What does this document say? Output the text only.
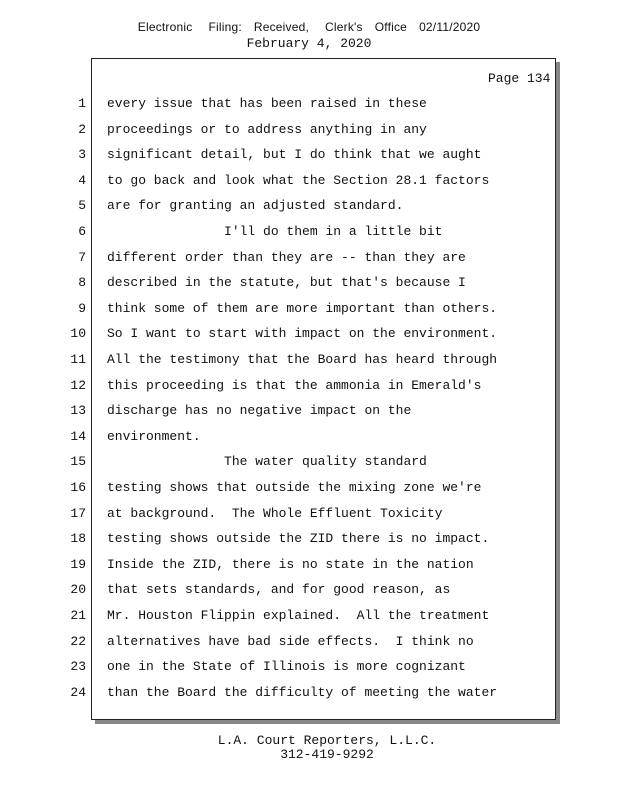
Electronic Filing: Received, Clerk's Office 02/11/2020
February 4, 2020
Page 134
1 every issue that has been raised in these
2 proceedings or to address anything in any
3 significant detail, but I do think that we aught
4 to go back and look what the Section 28.1 factors
5 are for granting an adjusted standard.
6 I'll do them in a little bit
7 different order than they are -- than they are
8 described in the statute, but that's because I
9 think some of them are more important than others.
10 So I want to start with impact on the environment.
11 All the testimony that the Board has heard through
12 this proceeding is that the ammonia in Emerald's
13 discharge has no negative impact on the
14 environment.
15 The water quality standard
16 testing shows that outside the mixing zone we're
17 at background.  The Whole Effluent Toxicity
18 testing shows outside the ZID there is no impact.
19 Inside the ZID, there is no state in the nation
20 that sets standards, and for good reason, as
21 Mr. Houston Flippin explained.  All the treatment
22 alternatives have bad side effects.  I think no
23 one in the State of Illinois is more cognizant
24 than the Board the difficulty of meeting the water
L.A. Court Reporters, L.L.C.
312-419-9292
